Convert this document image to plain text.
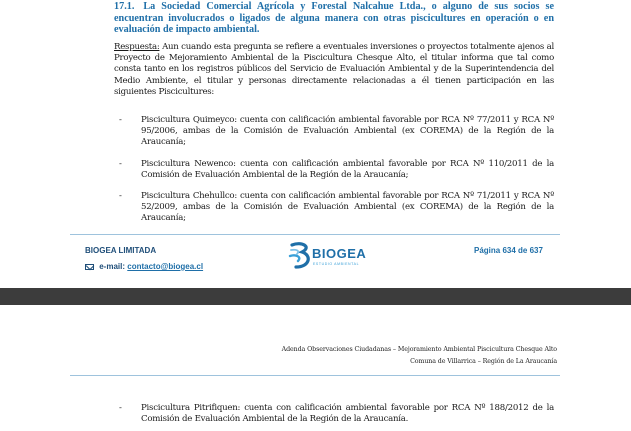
17.1. La Sociedad Comercial Agrícola y Forestal Nalcahue Ltda., o alguno de sus socios se encuentran involucrados o ligados de alguna manera con otras piscicultures en operación o en evaluación de impacto ambiental.
Respuesta: Aun cuando esta pregunta se refiere a eventuales inversiones o proyectos totalmente ajenos al Proyecto de Mejoramiento Ambiental de la Piscicultura Chesque Alto, el titular informa que tal como consta tanto en los registros públicos del Servicio de Evaluación Ambiental y de la Superintendencia del Medio Ambiente, el titular y personas directamente relacionadas a él tienen participación en las siguientes Piscicultures:
- Piscicultura Quimeyco: cuenta con calificación ambiental favorable por RCA Nº 77/2011 y RCA Nº 95/2006, ambas de la Comisión de Evaluación Ambiental (ex COREMA) de la Región de la Araucanía;
- Piscicultura Newenco: cuenta con calificación ambiental favorable por RCA Nº 110/2011 de la Comisión de Evaluación Ambiental de la Región de la Araucanía;
- Piscicultura Chehullco: cuenta con calificación ambiental favorable por RCA Nº 71/2011 y RCA Nº 52/2009, ambas de la Comisión de Evaluación Ambiental (ex COREMA) de la Región de la Araucanía;
BIOGEA LIMITADA
e-mail: contacto@biogea.cl
BIOGEA
ESTUDIO AMBIENTAL
Página 634 de 637
Adenda Observaciones Ciudadanas – Mejoramiento Ambiental Piscicultura Chesque Alto
Comuna de Villarrica – Región de La Araucanía
- Piscicultura Pitrifiquen: cuenta con calificación ambiental favorable por RCA Nº 188/2012 de la Comisión de Evaluación Ambiental de la Región de la Araucanía.
